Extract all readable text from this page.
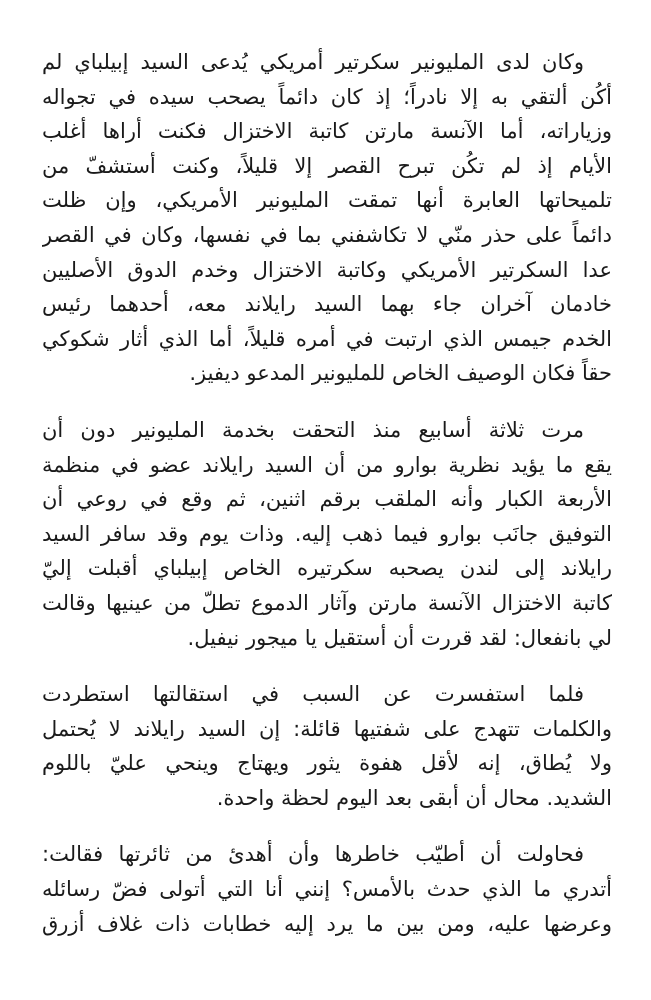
وكان لدى المليونير سكرتير أمريكي يُدعى السيد إبيلباي لم
أكُن ألتقي به إلا نادراً؛ إذ كان دائماً يصحب سيده في تجواله
وزياراته، أما الآنسة مارتن كاتبة الاختزال فكنت أراها أغلب
الأيام إذ لم تكُن تبرح القصر إلا قليلاً، وكنت أستشفّ من
تلميحاتها العابرة أنها تمقت المليونير الأمريكي، وإن ظلت
دائماً على حذر منّي لا تكاشفني بما في نفسها، وكان في القصر
عدا السكرتير الأمريكي وكاتبة الاختزال وخدم الدوق الأصليين
خادمان آخران جاء بهما السيد رايلاند معه، أحدهما رئيس
الخدم جيمس الذي ارتبت في أمره قليلاً، أما الذي أثار شكوكي
حقاً فكان الوصيف الخاص للمليونير المدعو ديفيز.
مرت ثلاثة أسابيع منذ التحقت بخدمة المليونير دون أن
يقع ما يؤيد نظرية بوارو من أن السيد رايلاند عضو في منظمة
الأربعة الكبار وأنه الملقب برقم اثنين، ثم وقع في روعي أن
التوفيق جانَب بوارو فيما ذهب إليه. وذات يوم وقد سافر السيد
رايلاند إلى لندن يصحبه سكرتيره الخاص إبيلباي أقبلت إليّ
كاتبة الاختزال الآنسة مارتن وآثار الدموع تطلّ من عينيها وقالت
لي بانفعال: لقد قررت أن أستقيل يا ميجور نيفيل.
فلما استفسرت عن السبب في استقالتها استطردت
والكلمات تتهدج على شفتيها قائلة: إن السيد رايلاند لا يُحتمل
ولا يُطاق، إنه لأقل هفوة يثور ويهتاج وينحي عليّ باللوم
الشديد. محال أن أبقى بعد اليوم لحظة واحدة.
فحاولت أن أطيّب خاطرها وأن أهدئ من ثائرتها فقالت:
أتدري ما الذي حدث بالأمس؟ إنني أنا التي أتولى فضّ رسائله
وعرضها عليه، ومن بين ما يرد إليه خطابات ذات غلاف أزرق
